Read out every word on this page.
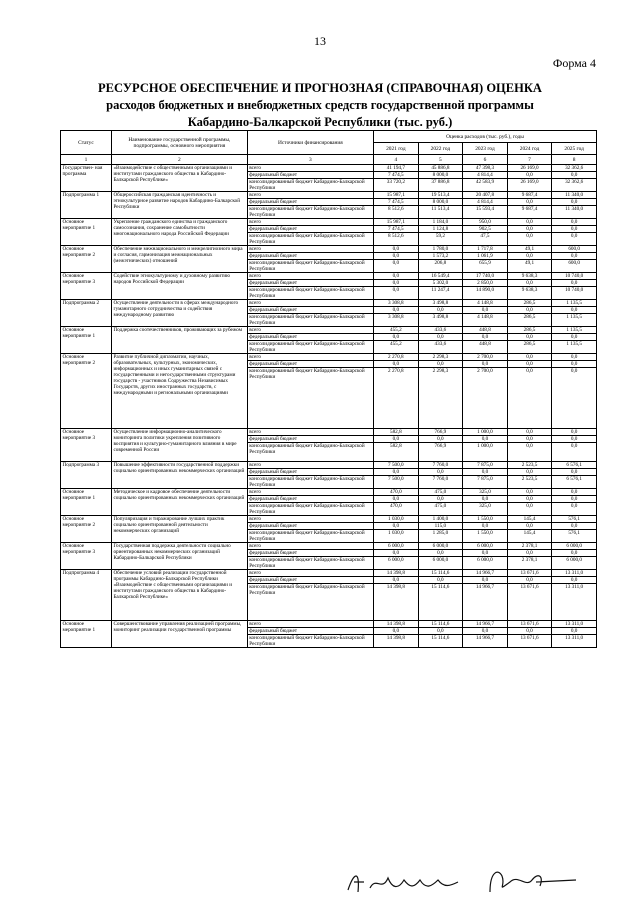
13
Форма 4
РЕСУРСНОЕ ОБЕСПЕЧЕНИЕ И ПРОГНОЗНАЯ (СПРАВОЧНАЯ) ОЦЕНКА
расходов бюджетных и внебюджетных средств государственной программы
Кабардино-Балкарской Республики (тыс. руб.)
Статус	Наименование государственной программы, подпрограммы, основного мероприятия	Источники финансирования	Оценка расходов (тыс. руб.), годы				
			2021 год	2022 год	2023 год	2024 год	2025 год
1	2	3	4	5	6	7	8
Государствен- ная программа	«Взаимодействие с общественными организациями и институтами гражданского общества в Кабардино-Балкарской Республике»	всего	41 194,7	45 886,8	47 398,3	26 169,0	32 362,6
		федеральный бюджет	7 474,5	8 000,0	4 814,4	0,0	0,0
		консолидированный бюджет Кабардино-Балкарской Республики	33 720,2	37 886,8	42 583,9	26 169,0	32 362,6
Подпрограмма 1	Общероссийская гражданская идентичность и этнокультурное развитие народов Кабардино-Балкарской Республики	всего	15 987,1	19 513,4	20 407,8	9 687,4	11 340,0
		федеральный бюджет	7 474,5	8 000,0	4 814,4	0,0	0,0
		консолидированный бюджет Кабардино-Балкарской Республики	8 512,6	11 513,4	15 593,4	9 687,4	11 340,0
Основное мероприятие 1	Укрепление гражданского единства и гражданского самосознания, сохранение самобытности многонационального народа Российской Федерации	всего	15 987,1	1 184,0	950,0	0,0	0,0
		федеральный бюджет	7 474,5	1 124,8	902,5	0,0	0,0
		консолидированный бюджет Кабардино-Балкарской Республики	8 512,6	59,2	47,5	0,0	0,0
Основное мероприятие 2	Обеспечение межнационального и межрелигиозного мира и согласия, гармонизация межнациональных (межэтнических) отношений	всего	0,0	1 780,0	1 717,8	49,1	600,0
		федеральный бюджет	0,0	1 573,2	1 061,9	0,0	0,0
		консолидированный бюджет Кабардино-Балкарской Республики	0,0	206,8	655,9	49,1	600,0
Основное мероприятие 3	Содействие этнокультурному и духовному развитию народов Российской Федерации	всего	0,0	16 549,4	17 740,0	9 638,3	10 740,0
		федеральный бюджет	0,0	5 302,0	2 850,0	0,0	0,0
		консолидированный бюджет Кабардино-Балкарской Республики	0,0	11 247,4	14 890,0	9 638,3	10 740,0
Подпрограмма 2	Осуществление деятельности в сферах международного гуманитарного сотрудничества и содействия международному развитию	всего	3 308,8	3 498,8	4 148,8	286,5	1 135,5
		федеральный бюджет	0,0	0,0	0,0	0,0	0,0
		консолидированный бюджет Кабардино-Балкарской Республики	3 308,8	3 498,8	4 148,8	286,5	1 135,5
Основное мероприятие 1	Поддержка соотечественников, проживающих за рубежом	всего	455,2	433,6	448,8	286,5	1 135,5
		федеральный бюджет	0,0	0,0	0,0	0,0	0,0
		консолидированный бюджет Кабардино-Балкарской Республики	455,2	433,6	448,8	286,5	1 135,5
Основное мероприятие 2	Развитие публичной дипломатии, научных, образовательных, культурных, экономических, информационных и иных гуманитарных связей с государственными и негосударственными структурами государств - участников Содружества Независимых Государств, других иностранных государств, с международными и региональными организациями	всего	2 270,8	2 298,3	2 700,0	0,0	0,0
		федеральный бюджет	0,0	0,0	0,0	0,0	0,0
		консолидированный бюджет Кабардино-Балкарской Республики	2 270,8	2 298,3	2 700,0	0,0	0,0
Основное мероприятие 3	Осуществление информационно-аналитического мониторинга политики укрепления позитивного восприятия и культурно-гуманитарного влияния в мире современной России	всего	582,8	766,9	1 000,0	0,0	0,0
		федеральный бюджет	0,0	0,0	0,0	0,0	0,0
		консолидированный бюджет Кабардино-Балкарской Республики	582,8	766,9	1 000,0	0,0	0,0
Подпрограмма 3	Повышение эффективности государственной поддержки социально ориентированных некоммерческих организаций	всего	7 500,0	7 760,0	7 875,0	2 523,5	6 576,1
		федеральный бюджет	0,0	0,0	0,0	0,0	0,0
		консолидированный бюджет Кабардино-Балкарской Республики	7 500,0	7 760,0	7 875,0	2 523,5	6 576,1
Основное мероприятие 1	Методическое и кадровое обеспечение деятельности социально ориентированных некоммерческих организаций	всего	470,0	475,0	325,0	0,0	0,0
		федеральный бюджет	0,0	0,0	0,0	0,0	0,0
		консолидированный бюджет Кабардино-Балкарской Республики	470,0	475,0	325,0	0,0	0,0
Основное мероприятие 2	Популяризация и тиражирование лучших практик социально ориентированной деятельности некоммерческих организаций	всего	1 030,0	1 400,0	1 550,0	145,4	576,1
		федеральный бюджет	0,0	115,0	0,0	0,0	0,0
		консолидированный бюджет Кабардино-Балкарской Республики	1 030,0	1 285,0	1 550,0	145,4	576,1
Основное мероприятие 3	Государственная поддержка деятельности социально ориентированных некоммерческих организаций Кабардино-Балкарской Республики	всего	6 000,0	6 000,0	6 000,0	2 378,1	6 000,0
		федеральный бюджет	0,0	0,0	0,0	0,0	0,0
		консолидированный бюджет Кабардино-Балкарской Республики	6 000,0	6 000,0	6 000,0	2 378,1	6 000,0
Подпрограмма 4	Обеспечение условий реализации государственной программы Кабардино-Балкарской Республики «Взаимодействие с общественными организациями и институтами гражданского общества в Кабардино-Балкарской Республике»	всего	14 398,8	15 114,6	14 966,7	13 671,6	13 311,0
		федеральный бюджет	0,0	0,0	0,0	0,0	0,0
		консолидированный бюджет Кабардино-Балкарской Республики	14 398,8	15 114,6	14 966,7	13 671,6	13 311,0
Основное мероприятие 1	Совершенствование управления реализацией программы, мониторинг реализации государственной программы	всего	14 398,8	15 114,6	14 966,7	13 671,6	13 311,0
		федеральный бюджет	0,0	0,0	0,0	0,0	0,0
		консолидированный бюджет Кабардино-Балкарской Республики	14 398,8	15 114,6	14 966,7	13 671,6	13 311,0
